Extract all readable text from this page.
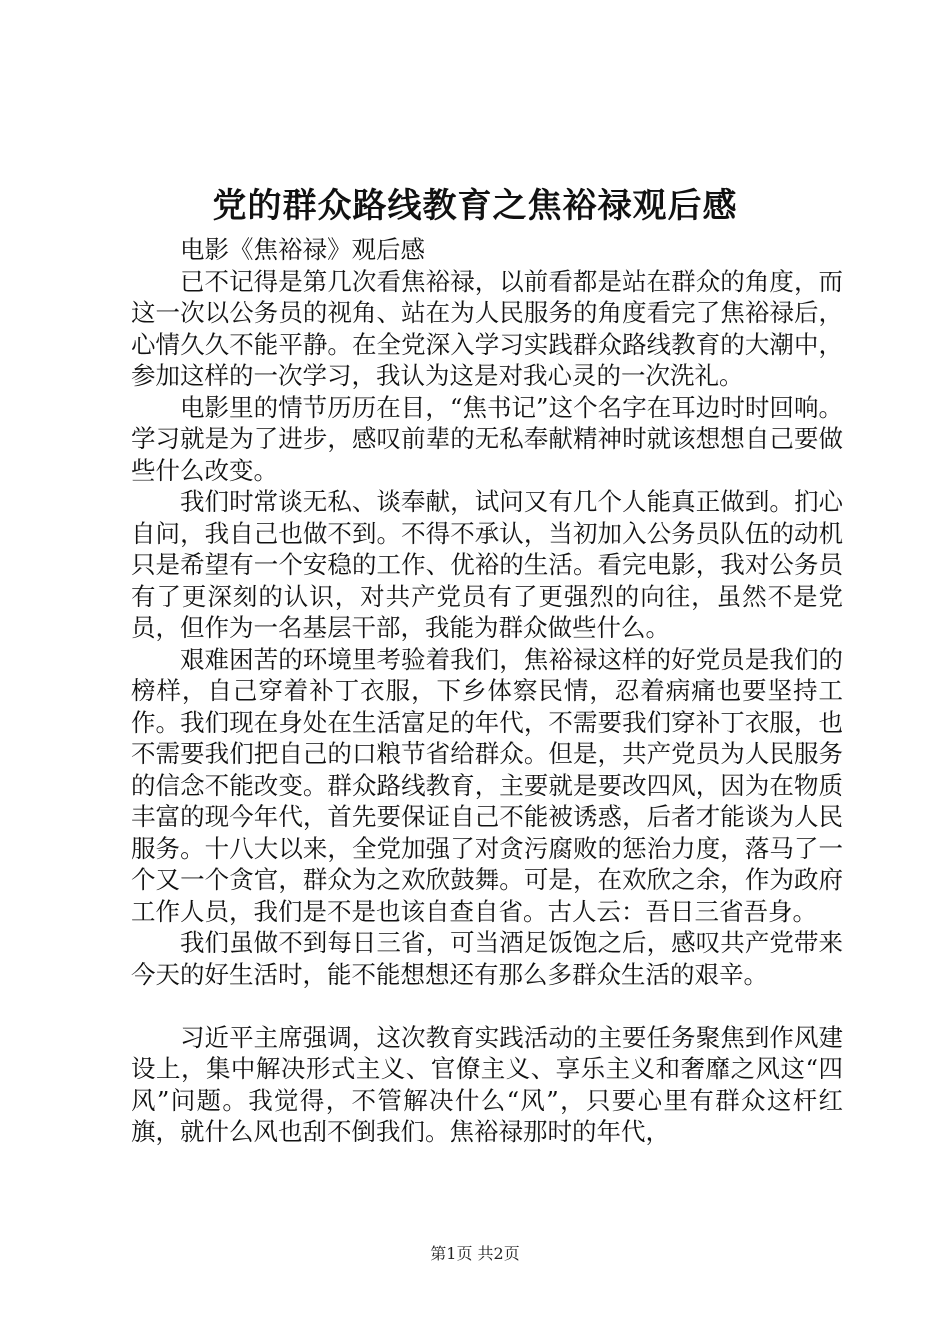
党的群众路线教育之焦裕禄观后感

电影《焦裕禄》观后感

已不记得是第几次看焦裕禄，以前看都是站在群众的角度，而这一次以公务员的视角、站在为人民服务的角度看完了焦裕禄后，心情久久不能平静。在全党深入学习实践群众路线教育的大潮中，参加这样的一次学习，我认为这是对我心灵的一次洗礼。

电影里的情节历历在目，“焦书记”这个名字在耳边时时回响。学习就是为了进步，感叹前辈的无私奉献精神时就该想想自己要做些什么改变。

我们时常谈无私、谈奉献，试问又有几个人能真正做到。扪心自问，我自己也做不到。不得不承认，当初加入公务员队伍的动机只是希望有一个安稳的工作、优裕的生活。看完电影，我对公务员有了更深刻的认识，对共产党员有了更强烈的向往，虽然不是党员，但作为一名基层干部，我能为群众做些什么。

艰难困苦的环境里考验着我们，焦裕禄这样的好党员是我们的榜样，自己穿着补丁衣服，下乡体察民情，忍着病痛也要坚持工作。我们现在身处在生活富足的年代，不需要我们穿补丁衣服，也不需要我们把自己的口粮节省给群众。但是，共产党员为人民服务的信念不能改变。群众路线教育，主要就是要改四风，因为在物质丰富的现今年代，首先要保证自己不能被诱惑，后者才能谈为人民服务。十八大以来，全党加强了对贪污腐败的惩治力度，落马了一个又一个贪官，群众为之欢欣鼓舞。可是，在欢欣之余，作为政府工作人员，我们是不是也该自查自省。古人云：吾日三省吾身。

我们虽做不到每日三省，可当酒足饭饱之后，感叹共产党带来今天的好生活时，能不能想想还有那么多群众生活的艰辛。

习近平主席强调，这次教育实践活动的主要任务聚焦到作风建设上，集中解决形式主义、官僚主义、享乐主义和奢靡之风这“四风”问题。我觉得，不管解决什么“风”，只要心里有群众这杆红旗，就什么风也刮不倒我们。焦裕禄那时的年代，

第1页 共2页
